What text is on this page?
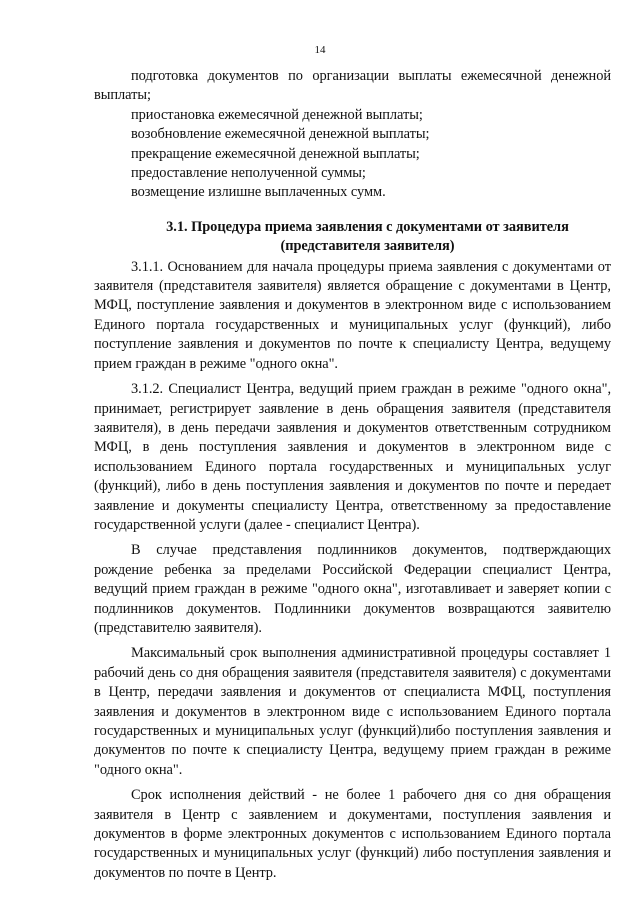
14

подготовка документов по организации выплаты ежемесячной денежной выплаты;

приостановка ежемесячной денежной выплаты;

возобновление ежемесячной денежной выплаты;

прекращение ежемесячной денежной выплаты;

предоставление неполученной суммы;

возмещение излишне выплаченных сумм.

3.1. Процедура приема заявления с документами от заявителя (представителя заявителя)

3.1.1. Основанием для начала процедуры приема заявления с документами от заявителя (представителя заявителя) является обращение с документами в Центр, МФЦ, поступление заявления и документов в электронном виде с использованием Единого портала государственных и муниципальных услуг (функций), либо поступление заявления и документов по почте к специалисту Центра, ведущему прием граждан в режиме "одного окна".

3.1.2. Специалист Центра, ведущий прием граждан в режиме "одного окна", принимает, регистрирует заявление в день обращения заявителя (представителя заявителя), в день передачи заявления и документов ответственным сотрудником МФЦ, в день поступления заявления и документов в электронном виде с использованием Единого портала государственных и муниципальных услуг (функций), либо в день поступления заявления и документов по почте и передает заявление и документы специалисту Центра, ответственному за предоставление государственной услуги (далее - специалист Центра).

В случае представления подлинников документов, подтверждающих рождение ребенка за пределами Российской Федерации специалист Центра, ведущий прием граждан в режиме "одного окна", изготавливает и заверяет копии с подлинников документов. Подлинники документов возвращаются заявителю (представителю заявителя).

Максимальный срок выполнения административной процедуры составляет 1 рабочий день со дня обращения заявителя (представителя заявителя) с документами в Центр, передачи заявления и документов от специалиста МФЦ, поступления заявления и документов в электронном виде с использованием Единого портала государственных и муниципальных услуг (функций)либо поступления заявления и документов по почте к специалисту Центра, ведущему прием граждан в режиме "одного окна".

Срок исполнения действий - не более 1 рабочего дня со дня обращения заявителя в Центр с заявлением и документами, поступления заявления и документов в форме электронных документов с использованием Единого портала государственных и муниципальных услуг (функций) либо поступления заявления и документов по почте в Центр.
